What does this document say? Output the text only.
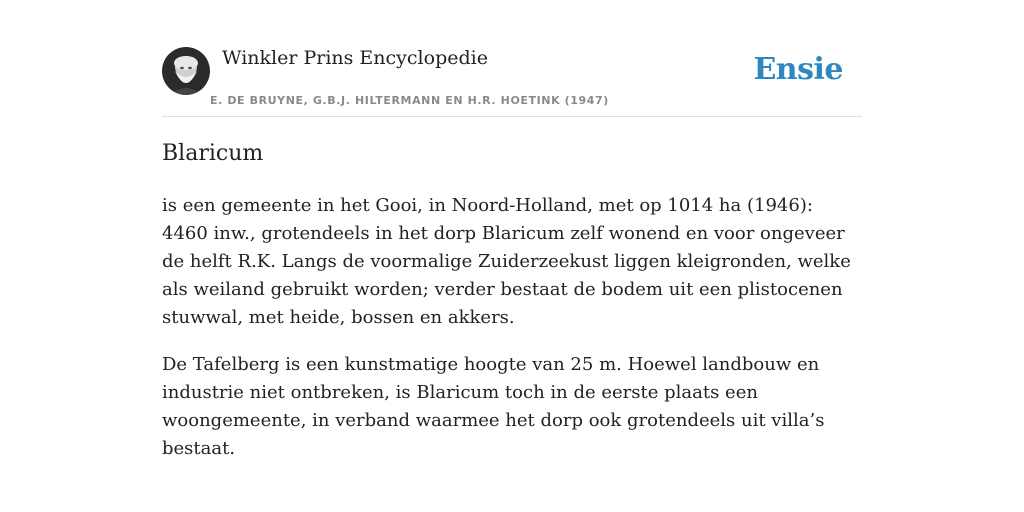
Winkler Prins Encyclopedie
E. DE BRUYNE, G.B.J. HILTERMANN EN H.R. HOETINK (1947)
Ensie
Blaricum

is een gemeente in het Gooi, in Noord-Holland, met op 1014 ha (1946): 4460 inw., grotendeels in het dorp Blaricum zelf wonend en voor ongeveer de helft R.K. Langs de voormalige Zuiderzeekust liggen kleigronden, welke als weiland gebruikt worden; verder bestaat de bodem uit een plistocenen stuwwal, met heide, bossen en akkers.

De Tafelberg is een kunstmatige hoogte van 25 m. Hoewel landbouw en industrie niet ontbreken, is Blaricum toch in de eerste plaats een woongemeente, in verband waarmee het dorp ook grotendeels uit villa’s bestaat.
